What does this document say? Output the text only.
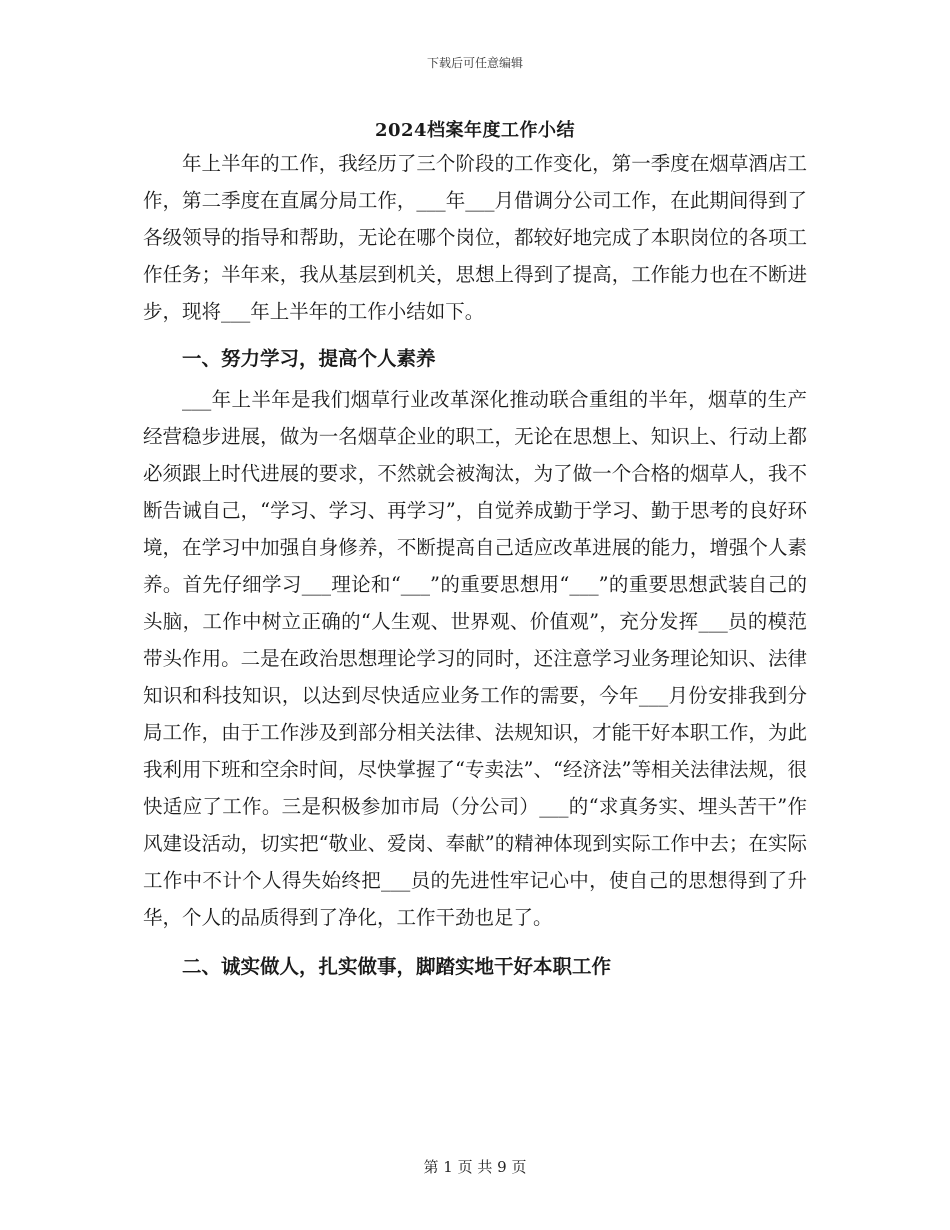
下载后可任意编辑
2024档案年度工作小结

年上半年的工作，我经历了三个阶段的工作变化，第一季度在烟草酒店工作，第二季度在直属分局工作，___年___月借调分公司工作，在此期间得到了各级领导的指导和帮助，无论在哪个岗位，都较好地完成了本职岗位的各项工作任务；半年来，我从基层到机关，思想上得到了提高，工作能力也在不断进步，现将___年上半年的工作小结如下。

一、努力学习，提高个人素养

___年上半年是我们烟草行业改革深化推动联合重组的半年，烟草的生产经营稳步进展，做为一名烟草企业的职工，无论在思想上、知识上、行动上都必须跟上时代进展的要求，不然就会被淘汰，为了做一个合格的烟草人，我不断告诫自己，“学习、学习、再学习”，自觉养成勤于学习、勤于思考的良好环境，在学习中加强自身修养，不断提高自己适应改革进展的能力，增强个人素养。首先仔细学习___理论和“___”的重要思想用“___”的重要思想武装自己的头脑，工作中树立正确的“人生观、世界观、价值观”，充分发挥___员的模范带头作用。二是在政治思想理论学习的同时，还注意学习业务理论知识、法律知识和科技知识，以达到尽快适应业务工作的需要，今年___月份安排我到分局工作，由于工作涉及到部分相关法律、法规知识，才能干好本职工作，为此我利用下班和空余时间，尽快掌握了“专卖法”、“经济法”等相关法律法规，很快适应了工作。三是积极参加市局（分公司）___的“求真务实、埋头苦干”作风建设活动，切实把“敬业、爱岗、奉献”的精神体现到实际工作中去；在实际工作中不计个人得失始终把___员的先进性牢记心中，使自己的思想得到了升华，个人的品质得到了净化，工作干劲也足了。

二、诚实做人，扎实做事，脚踏实地干好本职工作

第 1 页 共 9 页
